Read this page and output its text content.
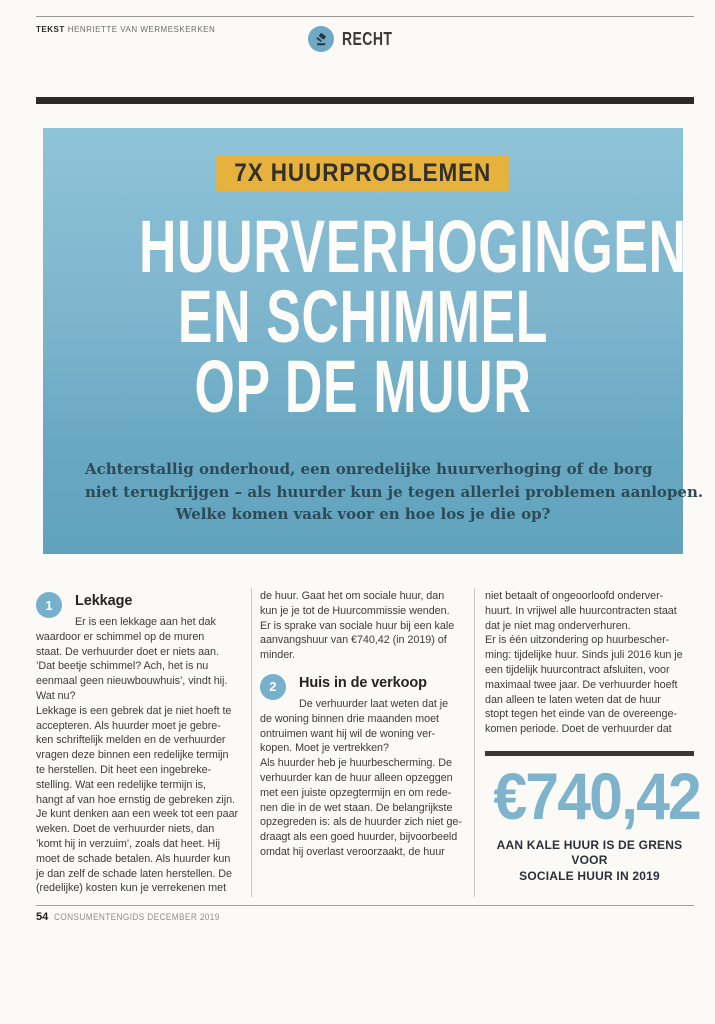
TEKST HENRIETTE VAN WERMESKERKEN	RECHT
7X HUURPROBLEMEN
HUURVERHOGINGEN
EN SCHIMMEL
OP DE MUUR
Achterstallig onderhoud, een onredelijke huurverhoging of de borg
niet terugkrijgen – als huurder kun je tegen allerlei problemen aanlopen.
Welke komen vaak voor en hoe los je die op?
1	Lekkage
Er is een lekkage aan het dak
waardoor er schimmel op de muren
staat. De verhuurder doet er niets aan.
’Dat beetje schimmel? Ach, het is nu
eenmaal geen nieuwbouwhuis’, vindt hij.
Wat nu?
Lekkage is een gebrek dat je niet hoeft te
accepteren. Als huurder moet je gebre-
ken schriftelijk melden en de verhuurder
vragen deze binnen een redelijke termijn
te herstellen. Dit heet een ingebreke-
stelling. Wat een redelijke termijn is,
hangt af van hoe ernstig de gebreken zijn.
Je kunt denken aan een week tot een paar
weken. Doet de verhuurder niets, dan
’komt hij in verzuim’, zoals dat heet. Hij
moet de schade betalen. Als huurder kun
je dan zelf de schade laten herstellen. De
(redelijke) kosten kun je verrekenen met
de huur. Gaat het om sociale huur, dan
kun je je tot de Huurcommissie wenden.
Er is sprake van sociale huur bij een kale
aanvangshuur van €740,42 (in 2019) of
minder.
2	Huis in de verkoop
De verhuurder laat weten dat je
de woning binnen drie maanden moet
ontruimen want hij wil de woning ver-
kopen. Moet je vertrekken?
Als huurder heb je huurbescherming. De
verhuurder kan de huur alleen opzeggen
met een juiste opzegtermijn en om rede-
nen die in de wet staan. De belangrijkste
opzegreden is: als de huurder zich niet ge-
draagt als een goed huurder, bijvoorbeeld
omdat hij overlast veroorzaakt, de huur
niet betaalt of ongeoorloofd onderver-
huurt. In vrijwel alle huurcontracten staat
dat je niet mag onderverhuren.
Er is één uitzondering op huurbescher-
ming: tijdelijke huur. Sinds juli 2016 kun je
een tijdelijk huurcontract afsluiten, voor
maximaal twee jaar. De verhuurder hoeft
dan alleen te laten weten dat de huur
stopt tegen het einde van de overeenge-
komen periode. Doet de verhuurder dat
€740,42
AAN KALE HUUR IS DE GRENS VOOR
SOCIALE HUUR IN 2019
54 CONSUMENTENGIDS DECEMBER 2019
